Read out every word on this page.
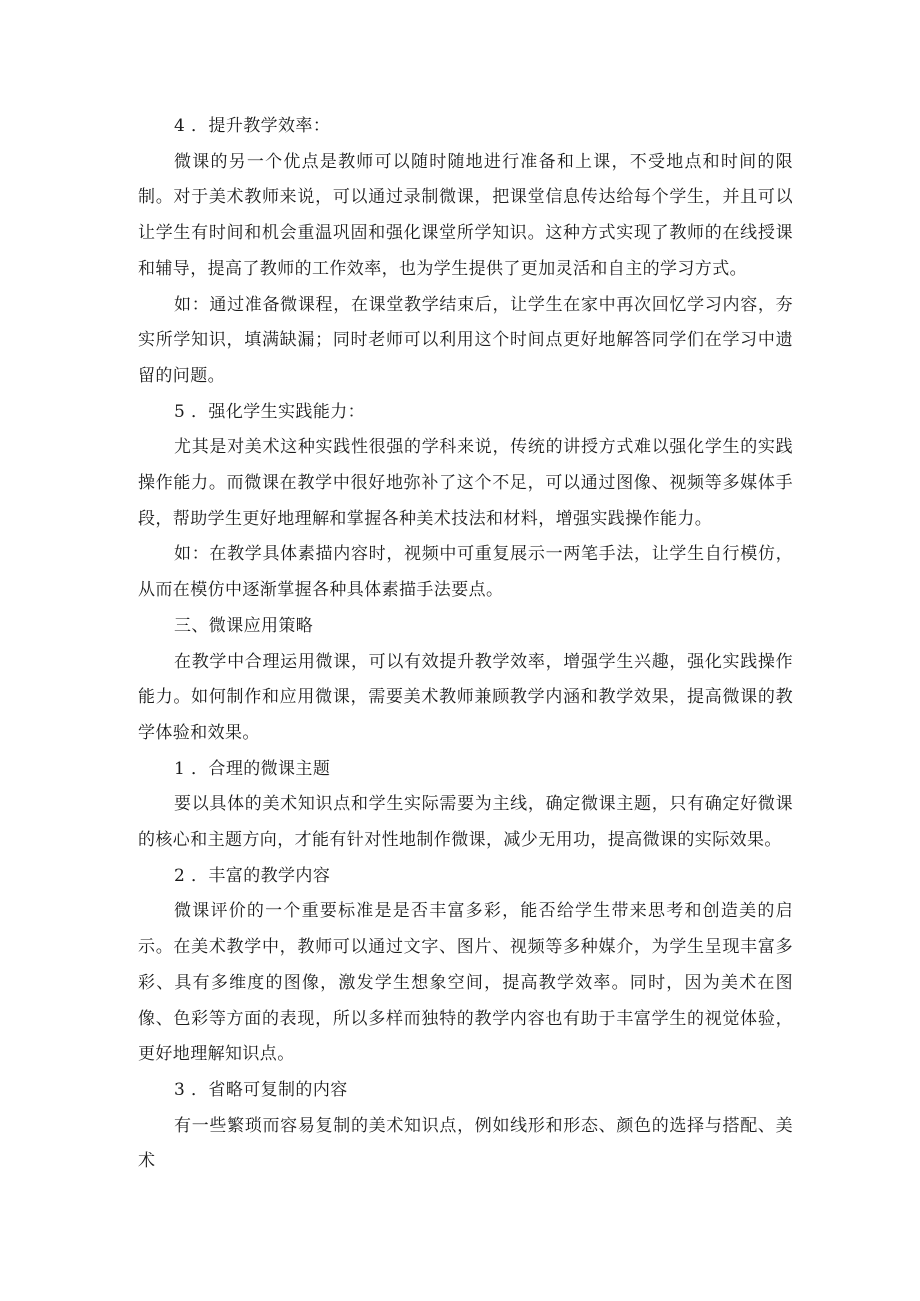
4 ．提升教学效率：

微课的另一个优点是教师可以随时随地进行准备和上课，不受地点和时间的限制。对于美术教师来说，可以通过录制微课，把课堂信息传达给每个学生，并且可以让学生有时间和机会重温巩固和强化课堂所学知识。这种方式实现了教师的在线授课和辅导，提高了教师的工作效率，也为学生提供了更加灵活和自主的学习方式。

如：通过准备微课程，在课堂教学结束后，让学生在家中再次回忆学习内容，夯实所学知识，填满缺漏；同时老师可以利用这个时间点更好地解答同学们在学习中遗留的问题。

5 ．强化学生实践能力：

尤其是对美术这种实践性很强的学科来说，传统的讲授方式难以强化学生的实践操作能力。而微课在教学中很好地弥补了这个不足，可以通过图像、视频等多媒体手段，帮助学生更好地理解和掌握各种美术技法和材料，增强实践操作能力。

如：在教学具体素描内容时，视频中可重复展示一两笔手法，让学生自行模仿，从而在模仿中逐渐掌握各种具体素描手法要点。

三、微课应用策略

在教学中合理运用微课，可以有效提升教学效率，增强学生兴趣，强化实践操作能力。如何制作和应用微课，需要美术教师兼顾教学内涵和教学效果，提高微课的教学体验和效果。

1 ．合理的微课主题

要以具体的美术知识点和学生实际需要为主线，确定微课主题，只有确定好微课的核心和主题方向，才能有针对性地制作微课，减少无用功，提高微课的实际效果。

2 ．丰富的教学内容

微课评价的一个重要标准是是否丰富多彩，能否给学生带来思考和创造美的启示。在美术教学中，教师可以通过文字、图片、视频等多种媒介，为学生呈现丰富多彩、具有多维度的图像，激发学生想象空间，提高教学效率。同时，因为美术在图像、色彩等方面的表现，所以多样而独特的教学内容也有助于丰富学生的视觉体验，更好地理解知识点。

3 ．省略可复制的内容

有一些繁琐而容易复制的美术知识点，例如线形和形态、颜色的选择与搭配、美术
